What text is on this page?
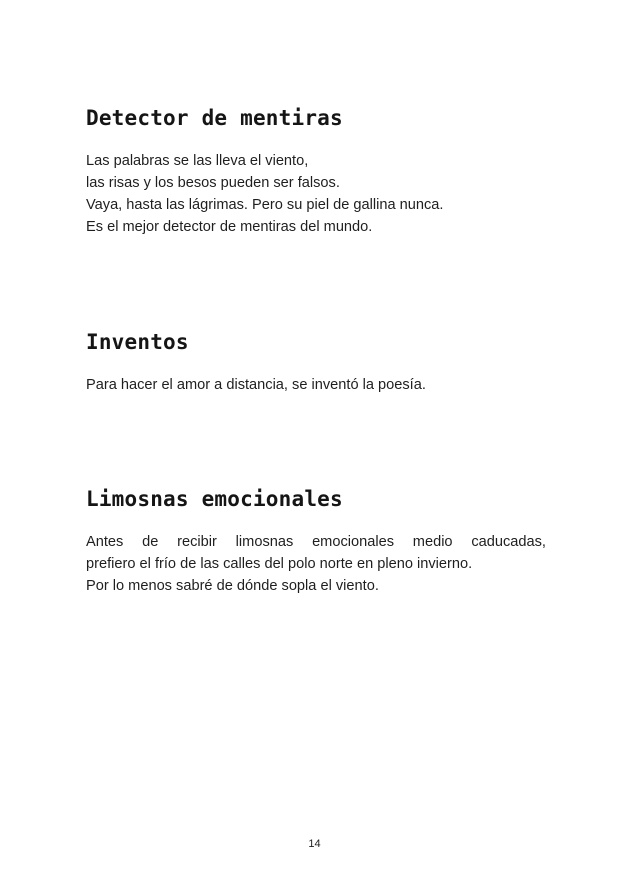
Detector de mentiras
Las palabras se las lleva el viento,
las risas y los besos pueden ser falsos.
Vaya, hasta las lágrimas. Pero su piel de gallina nunca.
Es el mejor detector de mentiras del mundo.
Inventos
Para hacer el amor a distancia, se inventó la poesía.
Limosnas emocionales
Antes de recibir limosnas emocionales medio caducadas,
prefiero el frío de las calles del polo norte en pleno invierno.
Por lo menos sabré de dónde sopla el viento.
14
